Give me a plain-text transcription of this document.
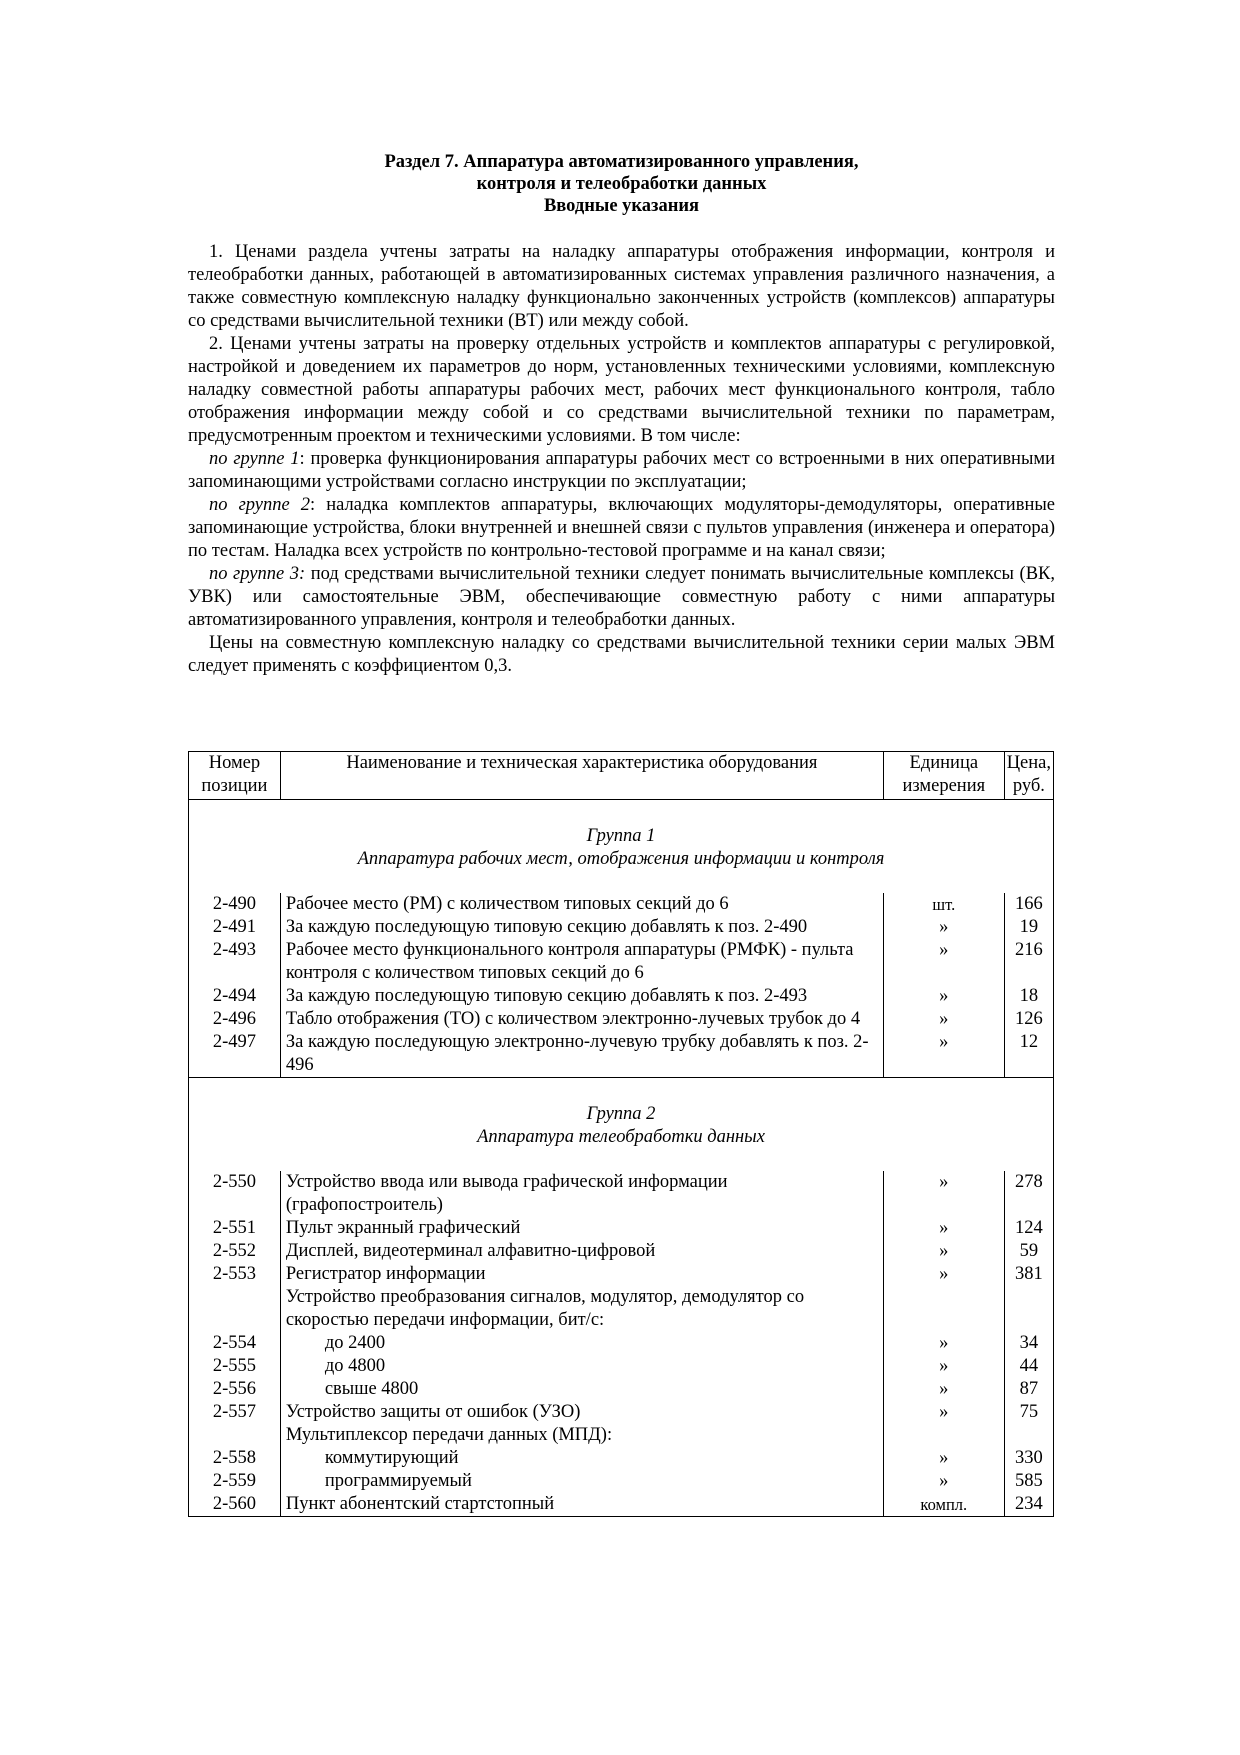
Раздел 7. Аппаратура автоматизированного управления,
контроля и телеобработки данных
Вводные указания

1. Ценами раздела учтены затраты на наладку аппаратуры отображения информации, контроля и телеобработки данных, работающей в автоматизированных системах управления различного назначения, а также совместную комплексную наладку функционально законченных устройств (комплексов) аппаратуры со средствами вычислительной техники (ВТ) или между собой.

2. Ценами учтены затраты на проверку отдельных устройств и комплектов аппаратуры с регулировкой, настройкой и доведением их параметров до норм, установленных техническими условиями, комплексную наладку совместной работы аппаратуры рабочих мест, рабочих мест функционального контроля, табло отображения информации между собой и со средствами вычислительной техники по параметрам, предусмотренным проектом и техническими условиями. В том числе:

по группе 1: проверка функционирования аппаратуры рабочих мест со встроенными в них оперативными запоминающими устройствами согласно инструкции по эксплуатации;

по группе 2: наладка комплектов аппаратуры, включающих модуляторы-демодуляторы, оперативные запоминающие устройства, блоки внутренней и внешней связи с пультов управления (инженера и оператора) по тестам. Наладка всех устройств по контрольно-тестовой программе и на канал связи;

по группе 3: под средствами вычислительной техники следует понимать вычислительные комплексы (ВК, УВК) или самостоятельные ЭВМ, обеспечивающие совместную работу с ними аппаратуры автоматизированного управления, контроля и телеобработки данных.

Цены на совместную комплексную наладку со средствами вычислительной техники серии малых ЭВМ следует применять с коэффициентом 0,3.

Номер позиции	Наименование и техническая характеристика оборудования	Единица измерения	Цена, руб.

Группа 1
Аппаратура рабочих мест, отображения информации и контроля			

2-490	Рабочее место (РМ) с количеством типовых секций до 6	шт.	166
2-491	За каждую последующую типовую секцию добавлять к поз. 2-490	»	19
2-493	Рабочее место функционального контроля аппаратуры (РМФК) - пульта контроля с количеством типовых секций до 6	»	216
2-494	За каждую последующую типовую секцию добавлять к поз. 2-493	»	18
2-496	Табло отображения (ТО) с количеством электронно-лучевых трубок до 4	»	126
2-497	За каждую последующую электронно-лучевую трубку добавлять к поз. 2-496	»	12

Группа 2
Аппаратура телеобработки данных			

2-550	Устройство ввода или вывода графической информации (графопостроитель)	»	278
2-551	Пульт экранный графический	»	124
2-552	Дисплей, видеотерминал алфавитно-цифровой	»	59
2-553	Регистратор информации	»	381
	Устройство преобразования сигналов, модулятор, демодулятор со скоростью передачи информации, бит/с:		
2-554	до 2400	»	34
2-555	до 4800	»	44
2-556	свыше 4800	»	87
2-557	Устройство защиты от ошибок (УЗО)	»	75
	Мультиплексор передачи данных (МПД):		
2-558	коммутирующий	»	330
2-559	программируемый	»	585
2-560	Пункт абонентский стартстопный	компл.	234
